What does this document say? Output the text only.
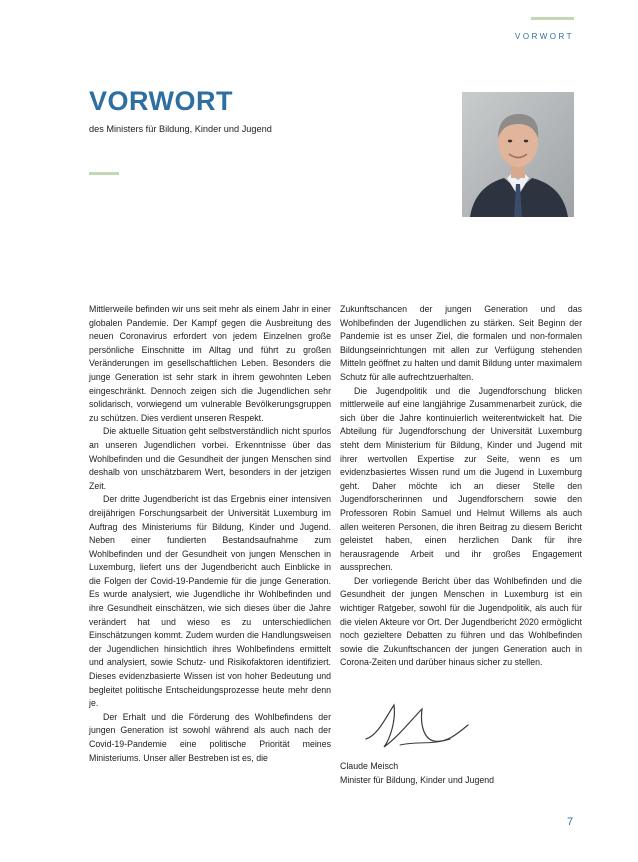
VORWORT
VORWORT
des Ministers für Bildung, Kinder und Jugend

Mittlerweile befinden wir uns seit mehr als einem Jahr in einer globalen Pandemie. Der Kampf gegen die Ausbreitung des neuen Coronavirus erfordert von jedem Einzelnen große persönliche Einschnitte im Alltag und führt zu großen Veränderungen im gesellschaftlichen Leben. Besonders die junge Generation ist sehr stark in ihrem gewohnten Leben eingeschränkt. Dennoch zeigen sich die Jugendlichen sehr solidarisch, vorwiegend um vulnerable Bevölkerungsgruppen zu schützen. Dies verdient unseren Respekt.

Die aktuelle Situation geht selbstverständlich nicht spurlos an unseren Jugendlichen vorbei. Erkenntnisse über das Wohlbefinden und die Gesundheit der jungen Menschen sind deshalb von unschätzbarem Wert, besonders in der jetzigen Zeit.

Der dritte Jugendbericht ist das Ergebnis einer intensiven dreijährigen Forschungsarbeit der Universität Luxemburg im Auftrag des Ministeriums für Bildung, Kinder und Jugend. Neben einer fundierten Bestandsaufnahme zum Wohlbefinden und der Gesundheit von jungen Menschen in Luxemburg, liefert uns der Jugendbericht auch Einblicke in die Folgen der Covid-19-Pandemie für die junge Generation. Es wurde analysiert, wie Jugendliche ihr Wohlbefinden und ihre Gesundheit einschätzen, wie sich dieses über die Jahre verändert hat und wieso es zu unterschiedlichen Einschätzungen kommt. Zudem wurden die Handlungsweisen der Jugendlichen hinsichtlich ihres Wohlbefindens ermittelt und analysiert, sowie Schutz- und Risikofaktoren identifiziert. Dieses evidenzbasierte Wissen ist von hoher Bedeutung und begleitet politische Entscheidungsprozesse heute mehr denn je.

Der Erhalt und die Förderung des Wohlbefindens der jungen Generation ist sowohl während als auch nach der Covid-19-Pandemie eine politische Priorität meines Ministeriums. Unser aller Bestreben ist es, die

Zukunftschancen der jungen Generation und das Wohlbefinden der Jugendlichen zu stärken. Seit Beginn der Pandemie ist es unser Ziel, die formalen und non-formalen Bildungseinrichtungen mit allen zur Verfügung stehenden Mitteln geöffnet zu halten und damit Bildung unter maximalem Schutz für alle aufrechtzuerhalten.

Die Jugendpolitik und die Jugendforschung blicken mittlerweile auf eine langjährige Zusammenarbeit zurück, die sich über die Jahre kontinuierlich weiterentwickelt hat. Die Abteilung für Jugendforschung der Universität Luxemburg steht dem Ministerium für Bildung, Kinder und Jugend mit ihrer wertvollen Expertise zur Seite, wenn es um evidenzbasiertes Wissen rund um die Jugend in Luxemburg geht. Daher möchte ich an dieser Stelle den Jugendforscherinnen und Jugendforschern sowie den Professoren Robin Samuel und Helmut Willems als auch allen weiteren Personen, die ihren Beitrag zu diesem Bericht geleistet haben, einen herzlichen Dank für ihre herausragende Arbeit und ihr großes Engagement aussprechen.

Der vorliegende Bericht über das Wohlbefinden und die Gesundheit der jungen Menschen in Luxemburg ist ein wichtiger Ratgeber, sowohl für die Jugendpolitik, als auch für die vielen Akteure vor Ort. Der Jugendbericht 2020 ermöglicht noch gezieltere Debatten zu führen und das Wohlbefinden sowie die Zukunftschancen der jungen Generation auch in Corona-Zeiten und darüber hinaus sicher zu stellen.

Claude Meisch
Minister für Bildung, Kinder und Jugend
7
